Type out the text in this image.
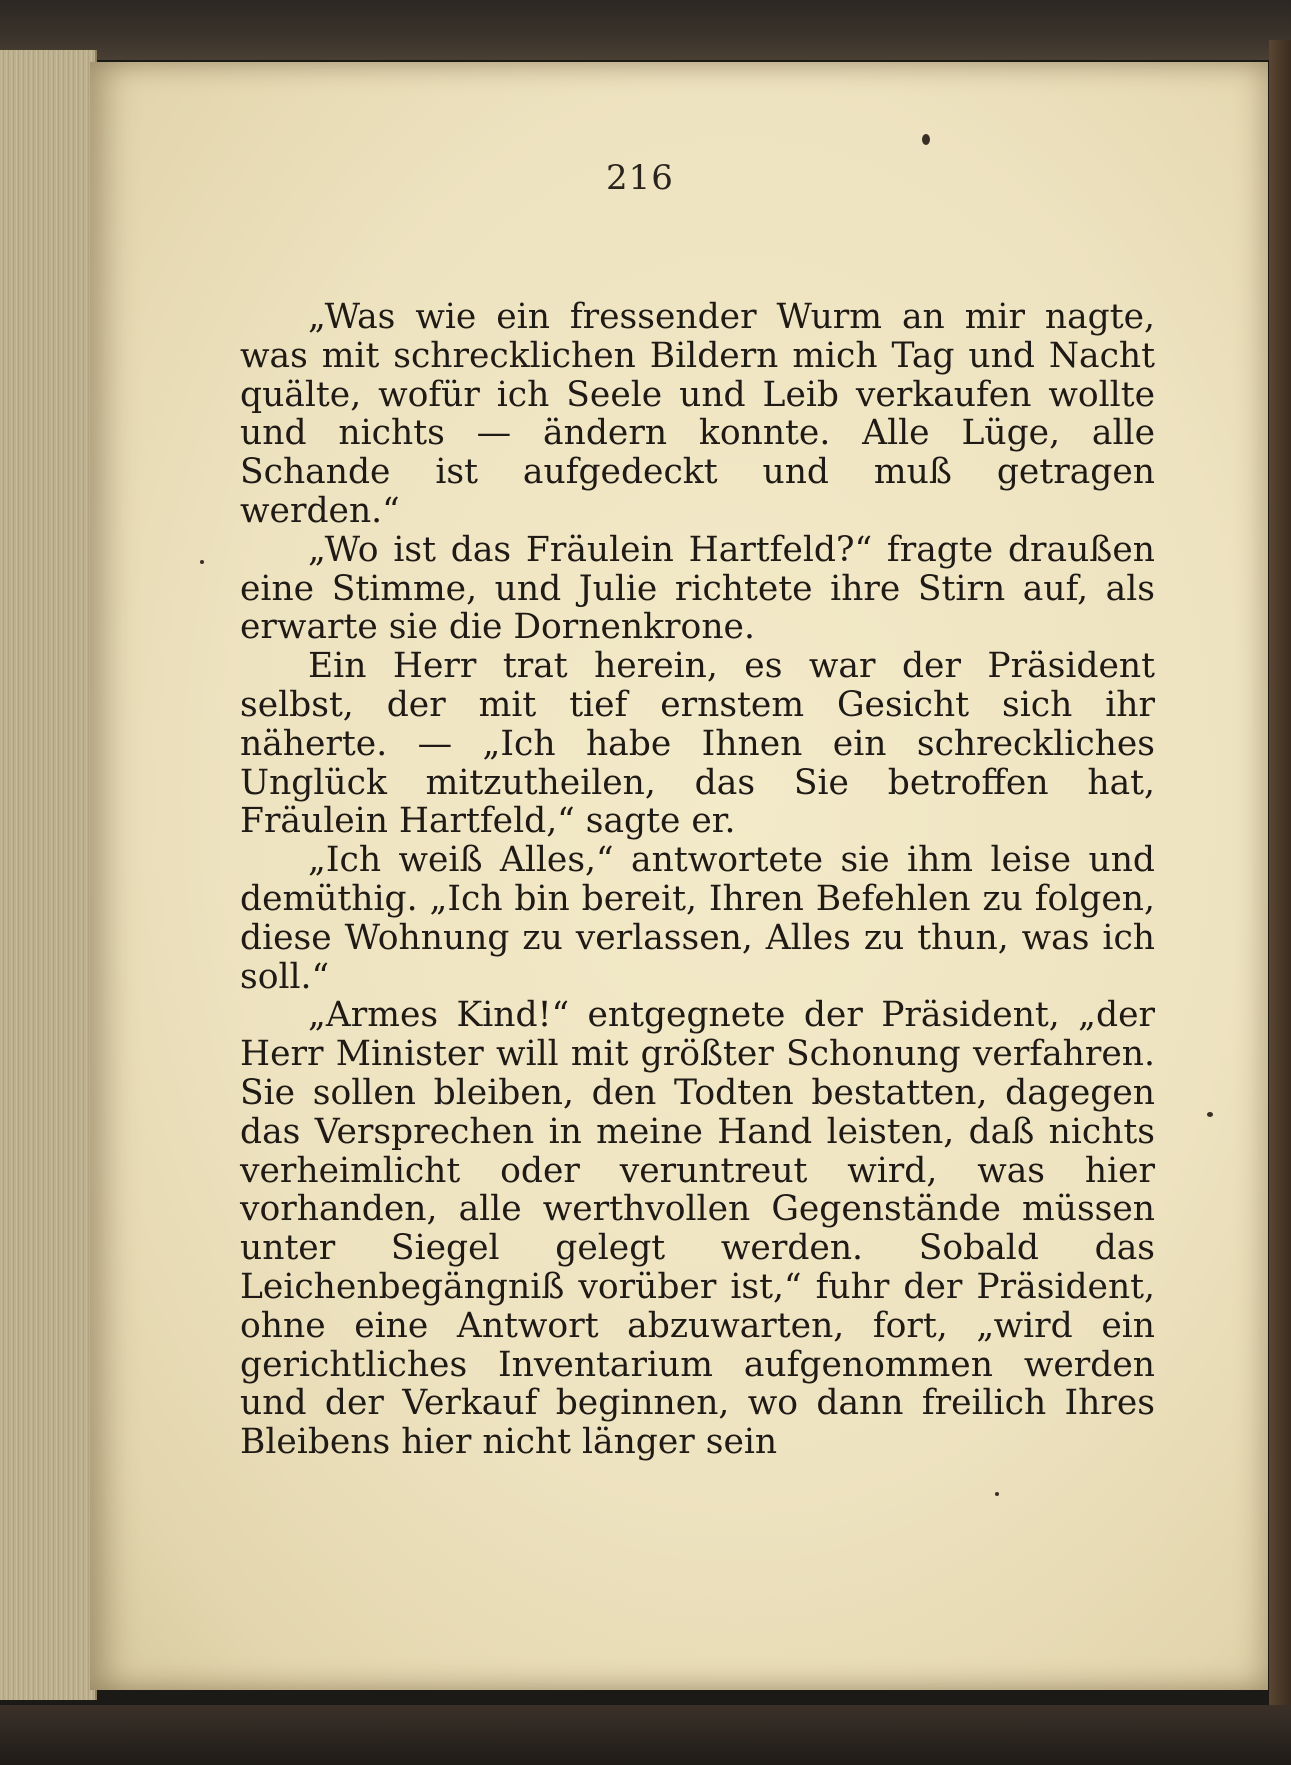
216

„Was wie ein fressender Wurm an mir nagte, was mit schrecklichen Bildern mich Tag und Nacht quälte, wofür ich Seele und Leib verkaufen wollte und nichts — ändern konnte. Alle Lüge, alle Schande ist aufgedeckt und muß getragen werden.“

„Wo ist das Fräulein Hartfeld?“ fragte draußen eine Stimme, und Julie richtete ihre Stirn auf, als erwarte sie die Dornenkrone.

Ein Herr trat herein, es war der Präsident selbst, der mit tief ernstem Gesicht sich ihr näherte. — „Ich habe Ihnen ein schreckliches Unglück mitzutheilen, das Sie betroffen hat, Fräulein Hartfeld,“ sagte er.

„Ich weiß Alles,“ antwortete sie ihm leise und demüthig. „Ich bin bereit, Ihren Befehlen zu folgen, diese Wohnung zu verlassen, Alles zu thun, was ich soll.“

„Armes Kind!“ entgegnete der Präsident, „der Herr Minister will mit größter Schonung verfahren. Sie sollen bleiben, den Todten bestatten, dagegen das Versprechen in meine Hand leisten, daß nichts verheimlicht oder veruntreut wird, was hier vorhanden, alle werthvollen Gegenstände müssen unter Siegel gelegt werden. Sobald das Leichenbegängniß vorüber ist,“ fuhr der Präsident, ohne eine Antwort abzuwarten, fort, „wird ein gerichtliches Inventarium aufgenommen werden und der Verkauf beginnen, wo dann freilich Ihres Bleibens hier nicht länger sein
